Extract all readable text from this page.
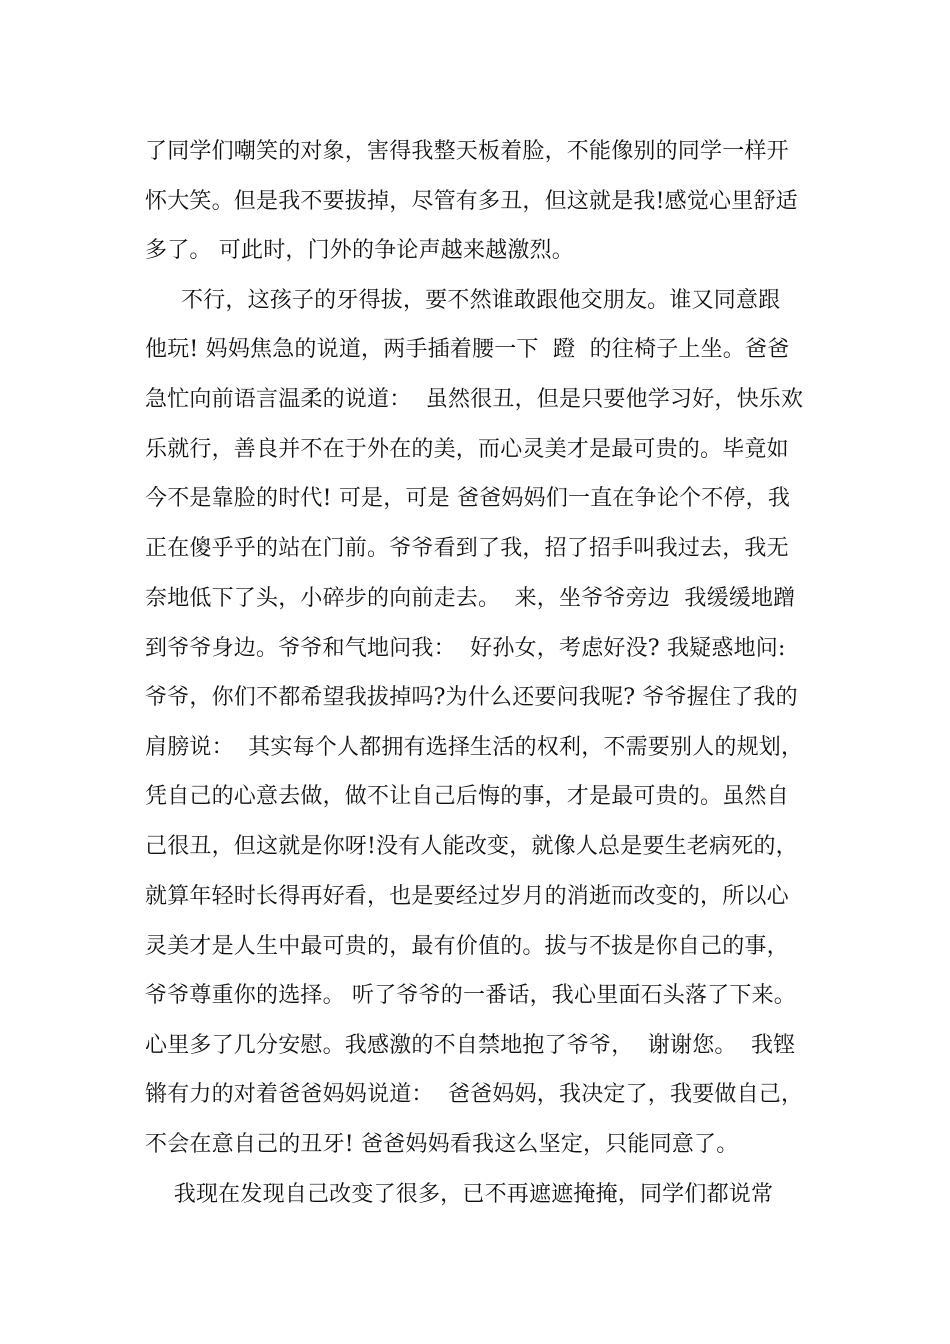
了同学们嘲笑的对象，害得我整天板着脸，不能像别的同学一样开
怀大笑。但是我不要拔掉，尽管有多丑，但这就是我!感觉心里舒适
多了。 可此时，门外的争论声越来越激烈。
不行，这孩子的牙得拔，要不然谁敢跟他交朋友。谁又同意跟
他玩! 妈妈焦急的说道，两手插着腰一下  蹬  的往椅子上坐。爸爸
急忙向前语言温柔的说道：  虽然很丑，但是只要他学习好，快乐欢
乐就行，善良并不在于外在的美，而心灵美才是最可贵的。毕竟如
今不是靠脸的时代! 可是，可是 爸爸妈妈们一直在争论个不停，我
正在傻乎乎的站在门前。爷爷看到了我，招了招手叫我过去，我无
奈地低下了头，小碎步的向前走去。  来，坐爷爷旁边  我缓缓地蹭
到爷爷身边。爷爷和气地问我：  好孙女，考虑好没? 我疑惑地问:
爷爷，你们不都希望我拔掉吗?为什么还要问我呢? 爷爷握住了我的
肩膀说：  其实每个人都拥有选择生活的权利，不需要别人的规划，
凭自己的心意去做，做不让自己后悔的事，才是最可贵的。虽然自
己很丑，但这就是你呀!没有人能改变，就像人总是要生老病死的，
就算年轻时长得再好看，也是要经过岁月的消逝而改变的，所以心
灵美才是人生中最可贵的，最有价值的。拔与不拔是你自己的事，
爷爷尊重你的选择。 听了爷爷的一番话，我心里面石头落了下来。
心里多了几分安慰。我感激的不自禁地抱了爷爷，  谢谢您。  我铿
锵有力的对着爸爸妈妈说道：  爸爸妈妈，我决定了，我要做自己，
不会在意自己的丑牙! 爸爸妈妈看我这么坚定，只能同意了。
我现在发现自己改变了很多，已不再遮遮掩掩，同学们都说常
